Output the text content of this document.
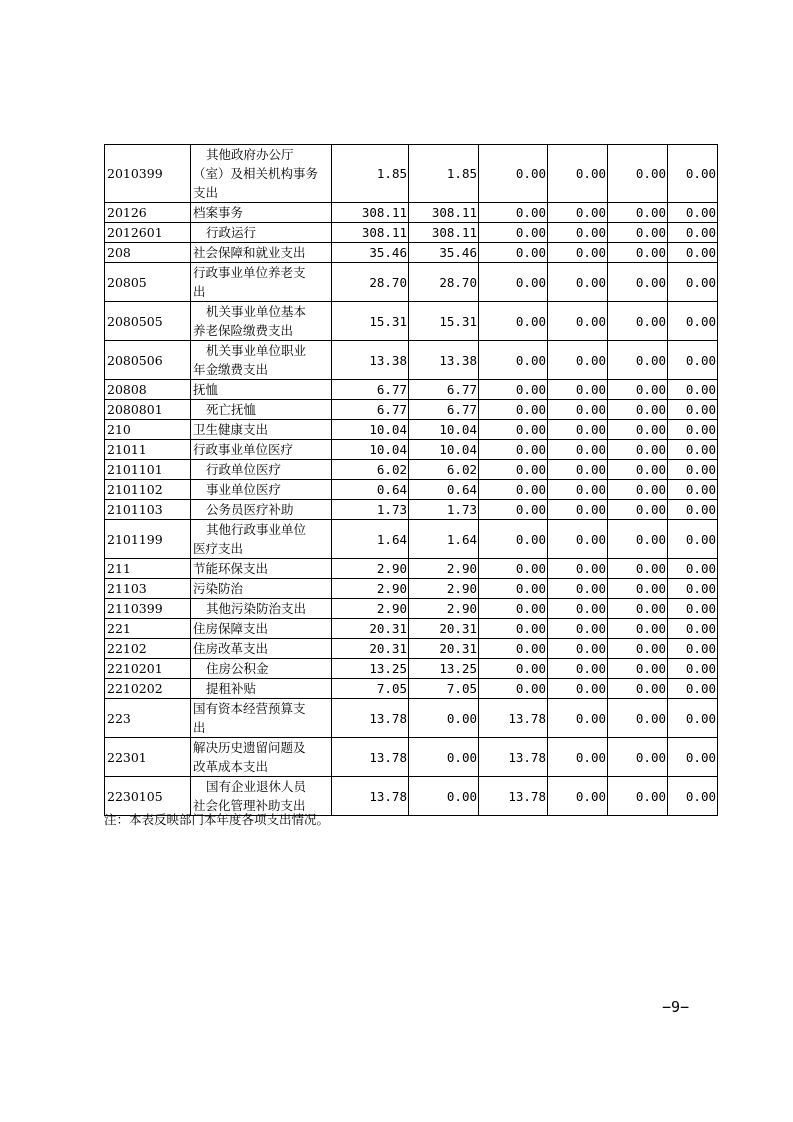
2010399	其他政府办公厅
（室）及相关机构事务
支出	1.85	1.85	0.00	0.00	0.00	0.00
20126	档案事务	308.11	308.11	0.00	0.00	0.00	0.00
2012601	行政运行	308.11	308.11	0.00	0.00	0.00	0.00
208	社会保障和就业支出	35.46	35.46	0.00	0.00	0.00	0.00
20805	行政事业单位养老支
出	28.70	28.70	0.00	0.00	0.00	0.00
2080505	机关事业单位基本
养老保险缴费支出	15.31	15.31	0.00	0.00	0.00	0.00
2080506	机关事业单位职业
年金缴费支出	13.38	13.38	0.00	0.00	0.00	0.00
20808	抚恤	6.77	6.77	0.00	0.00	0.00	0.00
2080801	死亡抚恤	6.77	6.77	0.00	0.00	0.00	0.00
210	卫生健康支出	10.04	10.04	0.00	0.00	0.00	0.00
21011	行政事业单位医疗	10.04	10.04	0.00	0.00	0.00	0.00
2101101	行政单位医疗	6.02	6.02	0.00	0.00	0.00	0.00
2101102	事业单位医疗	0.64	0.64	0.00	0.00	0.00	0.00
2101103	公务员医疗补助	1.73	1.73	0.00	0.00	0.00	0.00
2101199	其他行政事业单位
医疗支出	1.64	1.64	0.00	0.00	0.00	0.00
211	节能环保支出	2.90	2.90	0.00	0.00	0.00	0.00
21103	污染防治	2.90	2.90	0.00	0.00	0.00	0.00
2110399	其他污染防治支出	2.90	2.90	0.00	0.00	0.00	0.00
221	住房保障支出	20.31	20.31	0.00	0.00	0.00	0.00
22102	住房改革支出	20.31	20.31	0.00	0.00	0.00	0.00
2210201	住房公积金	13.25	13.25	0.00	0.00	0.00	0.00
2210202	提租补贴	7.05	7.05	0.00	0.00	0.00	0.00
223	国有资本经营预算支
出	13.78	0.00	13.78	0.00	0.00	0.00
22301	解决历史遗留问题及
改革成本支出	13.78	0.00	13.78	0.00	0.00	0.00
2230105	国有企业退休人员
社会化管理补助支出	13.78	0.00	13.78	0.00	0.00	0.00
注：本表反映部门本年度各项支出情况。
−9−
